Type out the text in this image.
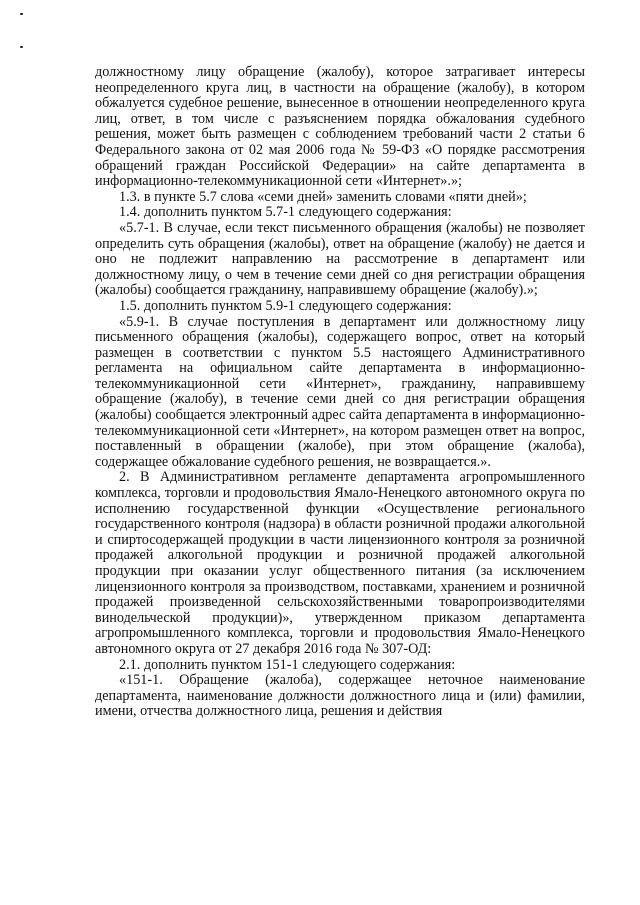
должностному лицу обращение (жалобу), которое затрагивает интересы неопределенного круга лиц, в частности на обращение (жалобу), в котором обжалуется судебное решение, вынесенное в отношении неопределенного круга лиц, ответ, в том числе с разъяснением порядка обжалования судебного решения, может быть размещен с соблюдением требований части 2 статьи 6 Федерального закона от 02 мая 2006 года № 59-ФЗ «О порядке рассмотрения обращений граждан Российской Федерации» на сайте департамента в информационно-телекоммуникационной сети «Интернет».»;

1.3. в пункте 5.7 слова «семи дней» заменить словами «пяти дней»;

1.4. дополнить пунктом 5.7-1 следующего содержания:

«5.7-1. В случае, если текст письменного обращения (жалобы) не позволяет определить суть обращения (жалобы), ответ на обращение (жалобу) не дается и оно не подлежит направлению на рассмотрение в департамент или должностному лицу, о чем в течение семи дней со дня регистрации обращения (жалобы) сообщается гражданину, направившему обращение (жалобу).»;

1.5. дополнить пунктом 5.9-1 следующего содержания:

«5.9-1. В случае поступления в департамент или должностному лицу письменного обращения (жалобы), содержащего вопрос, ответ на который размещен в соответствии с пунктом 5.5 настоящего Административного регламента на официальном сайте департамента в информационно-телекоммуникационной сети «Интернет», гражданину, направившему обращение (жалобу), в течение семи дней со дня регистрации обращения (жалобы) сообщается электронный адрес сайта департамента в информационно-телекоммуникационной сети «Интернет», на котором размещен ответ на вопрос, поставленный в обращении (жалобе), при этом обращение (жалоба), содержащее обжалование судебного решения, не возвращается.».

2. В Административном регламенте департамента агропромышленного комплекса, торговли и продовольствия Ямало-Ненецкого автономного округа по исполнению государственной функции «Осуществление регионального государственного контроля (надзора) в области розничной продажи алкогольной и спиртосодержащей продукции в части лицензионного контроля за розничной продажей алкогольной продукции и розничной продажей алкогольной продукции при оказании услуг общественного питания (за исключением лицензионного контроля за производством, поставками, хранением и розничной продажей произведенной сельскохозяйственными товаропроизводителями винодельческой продукции)», утвержденном приказом департамента агропромышленного комплекса, торговли и продовольствия Ямало-Ненецкого автономного округа от 27 декабря 2016 года № 307-ОД:

2.1. дополнить пунктом 151-1 следующего содержания:

«151-1. Обращение (жалоба), содержащее неточное наименование департамента, наименование должности должностного лица и (или) фамилии, имени, отчества должностного лица, решения и действия
